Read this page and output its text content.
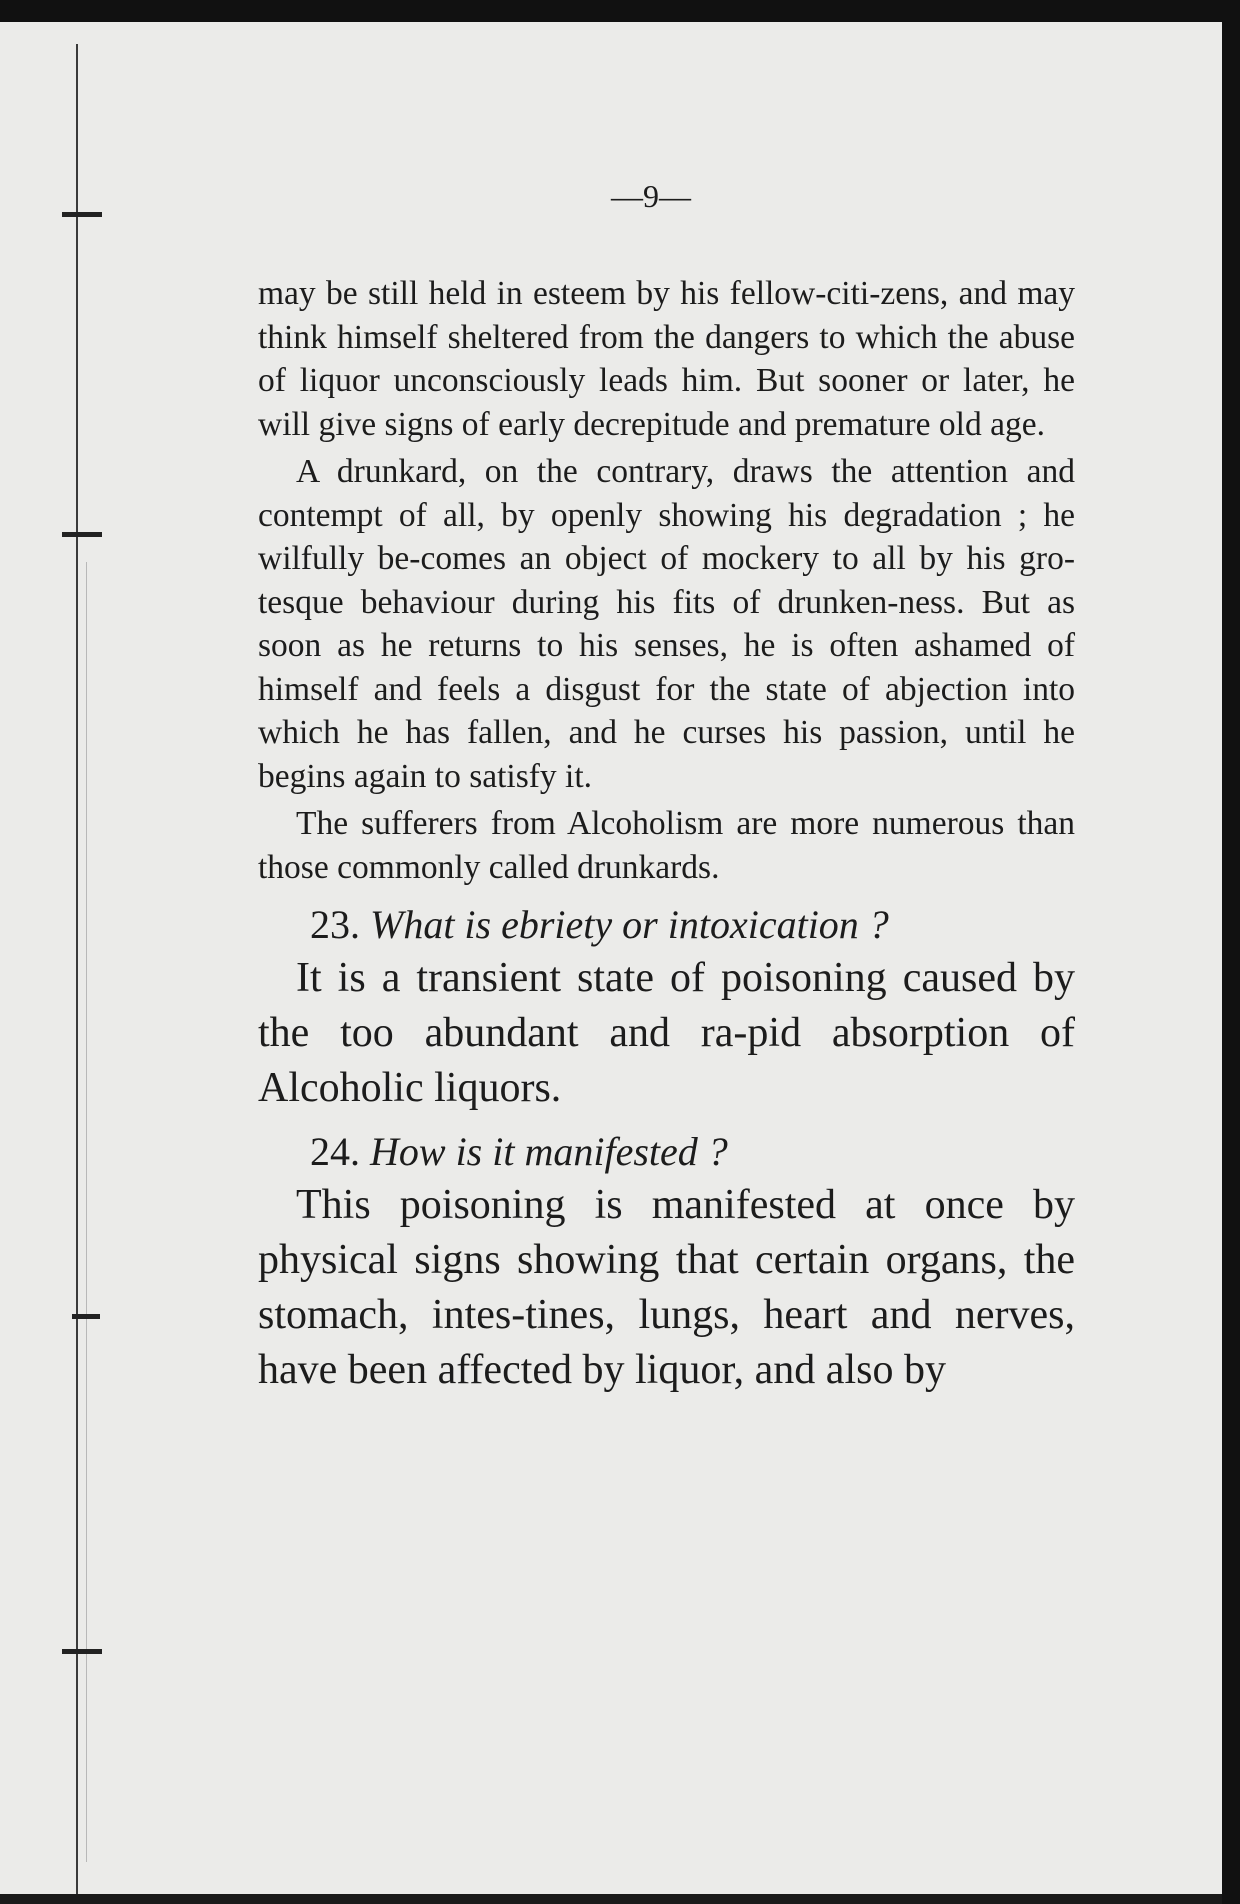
—9—

may be still held in esteem by his fellow-citi-zens, and may think himself sheltered from the dangers to which the abuse of liquor unconsciously leads him. But sooner or later, he will give signs of early decrepitude and premature old age.

A drunkard, on the contrary, draws the attention and contempt of all, by openly showing his degradation ; he wilfully be-comes an object of mockery to all by his gro-tesque behaviour during his fits of drunken-ness. But as soon as he returns to his senses, he is often ashamed of himself and feels a disgust for the state of abjection into which he has fallen, and he curses his passion, until he begins again to satisfy it.

The sufferers from Alcoholism are more numerous than those commonly called drunkards.

23. What is ebriety or intoxication ?

It is a transient state of poisoning caused by the too abundant and ra-pid absorption of Alcoholic liquors.

24. How is it manifested ?

This poisoning is manifested at once by physical signs showing that certain organs, the stomach, intes-tines, lungs, heart and nerves, have been affected by liquor, and also by
